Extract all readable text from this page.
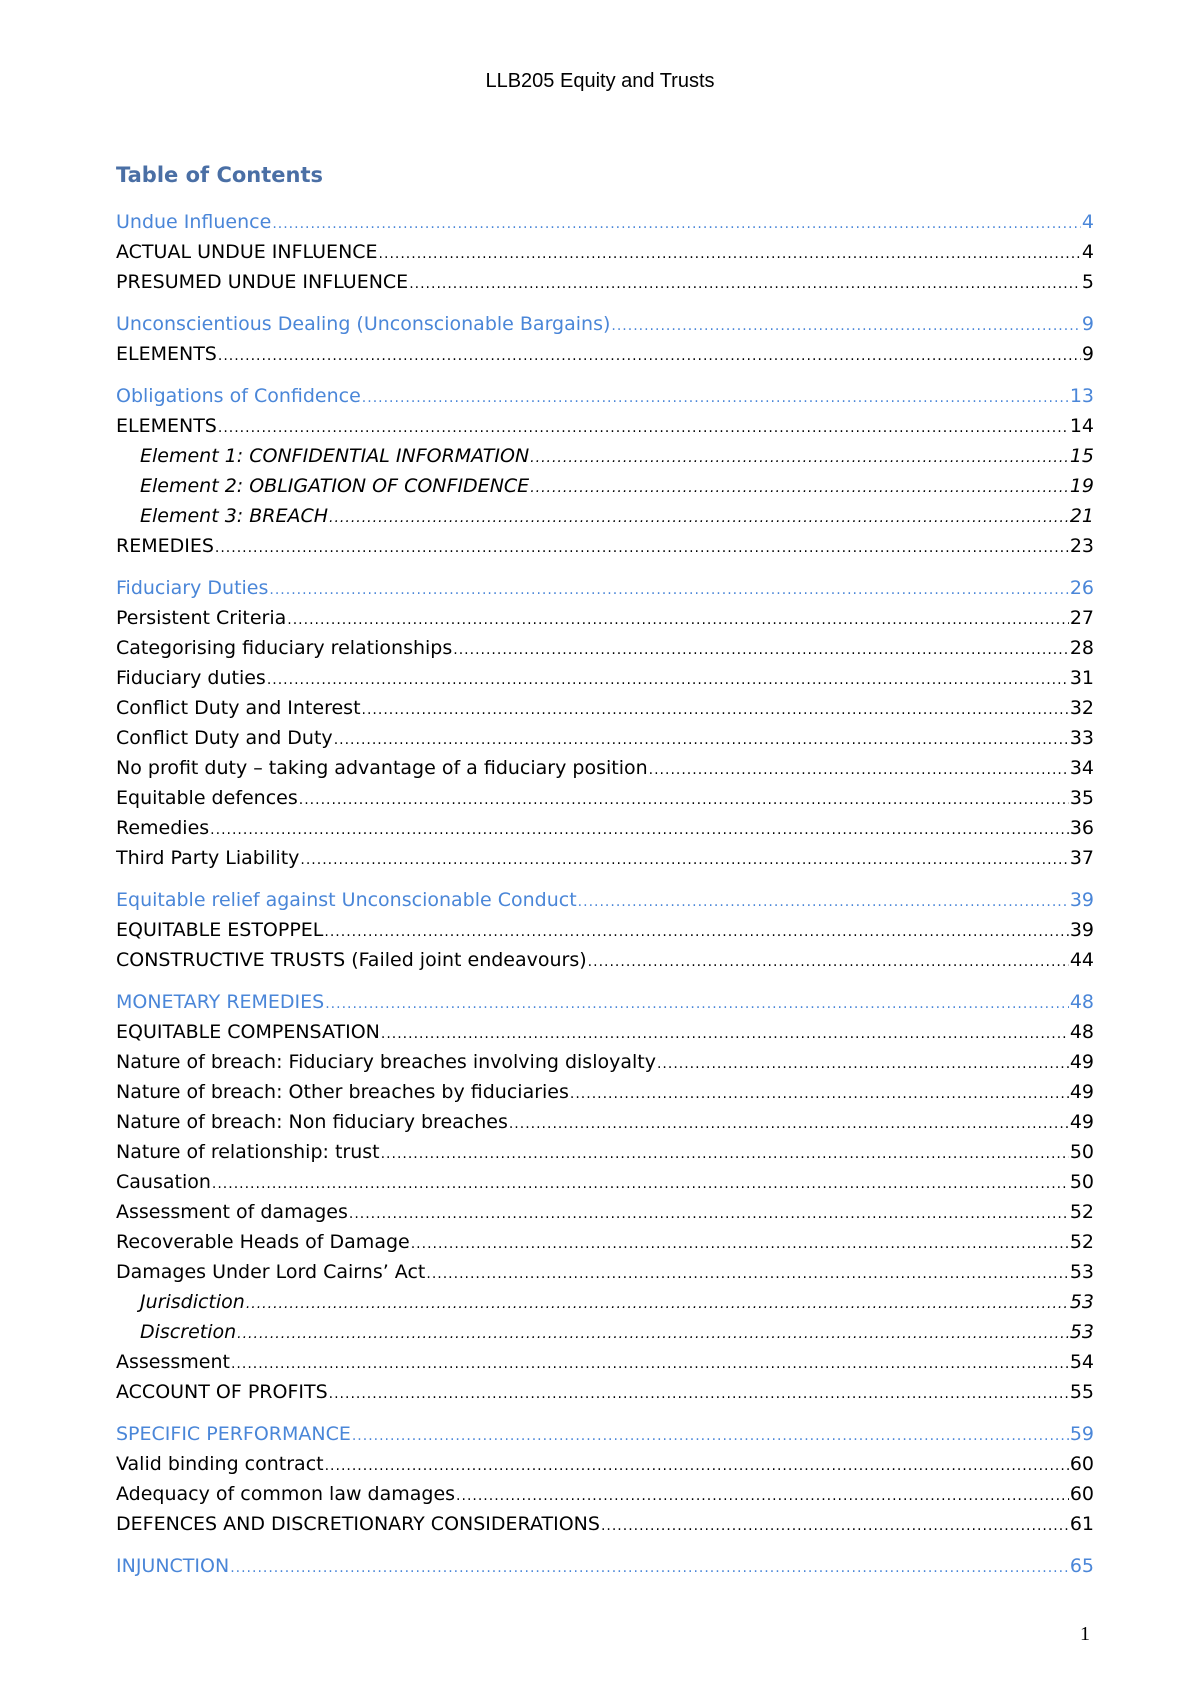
LLB205 Equity and Trusts
Table of Contents
Undue Influence .....	4
ACTUAL UNDUE INFLUENCE .....	4
PRESUMED UNDUE INFLUENCE .....	5
Unconscientious Dealing (Unconscionable Bargains) .....	9
ELEMENTS .....	9
Obligations of Confidence .....	13
ELEMENTS .....	14
Element 1: CONFIDENTIAL INFORMATION .....	15
Element 2: OBLIGATION OF CONFIDENCE .....	19
Element 3: BREACH .....	21
REMEDIES .....	23
Fiduciary Duties .....	26
Persistent Criteria .....	27
Categorising fiduciary relationships .....	28
Fiduciary duties .....	31
Conflict Duty and Interest .....	32
Conflict Duty and Duty .....	33
No profit duty – taking advantage of a fiduciary position .....	34
Equitable defences .....	35
Remedies .....	36
Third Party Liability .....	37
Equitable relief against Unconscionable Conduct .....	39
EQUITABLE ESTOPPEL .....	39
CONSTRUCTIVE TRUSTS (Failed joint endeavours) .....	44
MONETARY REMEDIES .....	48
EQUITABLE COMPENSATION .....	48
Nature of breach: Fiduciary breaches involving disloyalty .....	49
Nature of breach: Other breaches by fiduciaries .....	49
Nature of breach: Non fiduciary breaches .....	49
Nature of relationship: trust .....	50
Causation .....	50
Assessment of damages .....	52
Recoverable Heads of Damage .....	52
Damages Under Lord Cairns’ Act .....	53
Jurisdiction .....	53
Discretion .....	53
Assessment .....	54
ACCOUNT OF PROFITS .....	55
SPECIFIC PERFORMANCE .....	59
Valid binding contract .....	60
Adequacy of common law damages .....	60
DEFENCES AND DISCRETIONARY CONSIDERATIONS .....	61
INJUNCTION .....	65
1
